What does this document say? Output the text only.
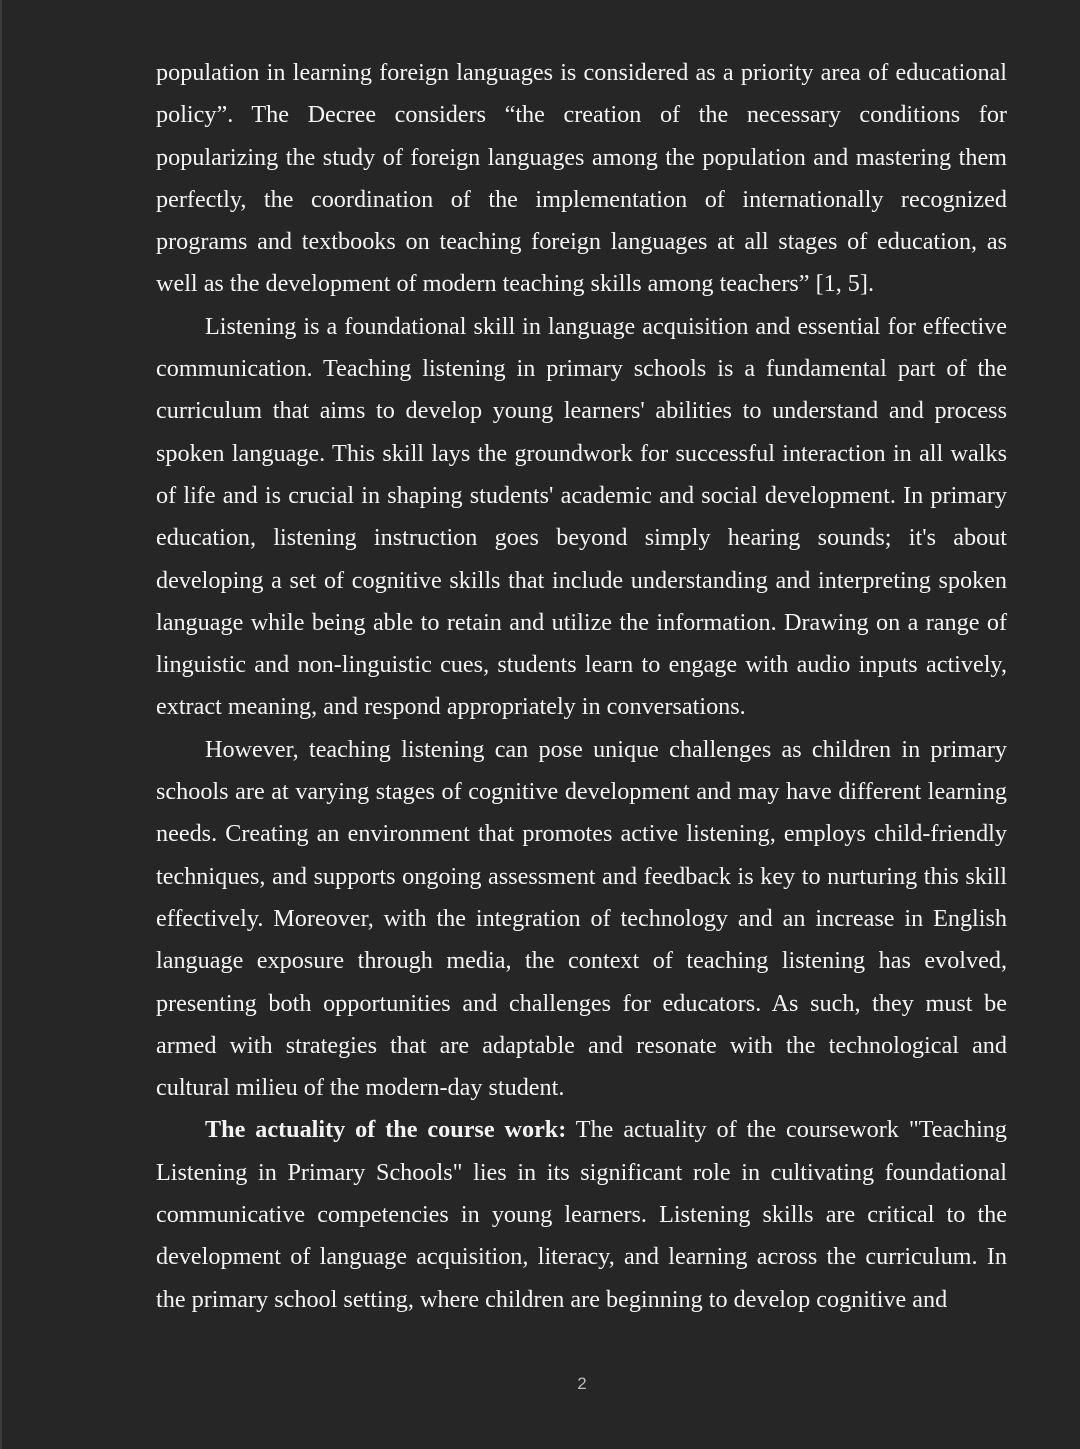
population in learning foreign languages is considered as a priority area of educational policy”. The Decree considers “the creation of the necessary conditions for popularizing the study of foreign languages among the population and mastering them perfectly, the coordination of the implementation of internationally recognized programs and textbooks on teaching foreign languages at all stages of education, as well as the development of modern teaching skills among teachers” [1, 5].

Listening is a foundational skill in language acquisition and essential for effective communication. Teaching listening in primary schools is a fundamental part of the curriculum that aims to develop young learners' abilities to understand and process spoken language. This skill lays the groundwork for successful interaction in all walks of life and is crucial in shaping students' academic and social development. In primary education, listening instruction goes beyond simply hearing sounds; it's about developing a set of cognitive skills that include understanding and interpreting spoken language while being able to retain and utilize the information. Drawing on a range of linguistic and non-linguistic cues, students learn to engage with audio inputs actively, extract meaning, and respond appropriately in conversations.

However, teaching listening can pose unique challenges as children in primary schools are at varying stages of cognitive development and may have different learning needs. Creating an environment that promotes active listening, employs child-friendly techniques, and supports ongoing assessment and feedback is key to nurturing this skill effectively. Moreover, with the integration of technology and an increase in English language exposure through media, the context of teaching listening has evolved, presenting both opportunities and challenges for educators. As such, they must be armed with strategies that are adaptable and resonate with the technological and cultural milieu of the modern-day student.

The actuality of the course work: The actuality of the coursework "Teaching Listening in Primary Schools" lies in its significant role in cultivating foundational communicative competencies in young learners. Listening skills are critical to the development of language acquisition, literacy, and learning across the curriculum. In the primary school setting, where children are beginning to develop cognitive and

2
